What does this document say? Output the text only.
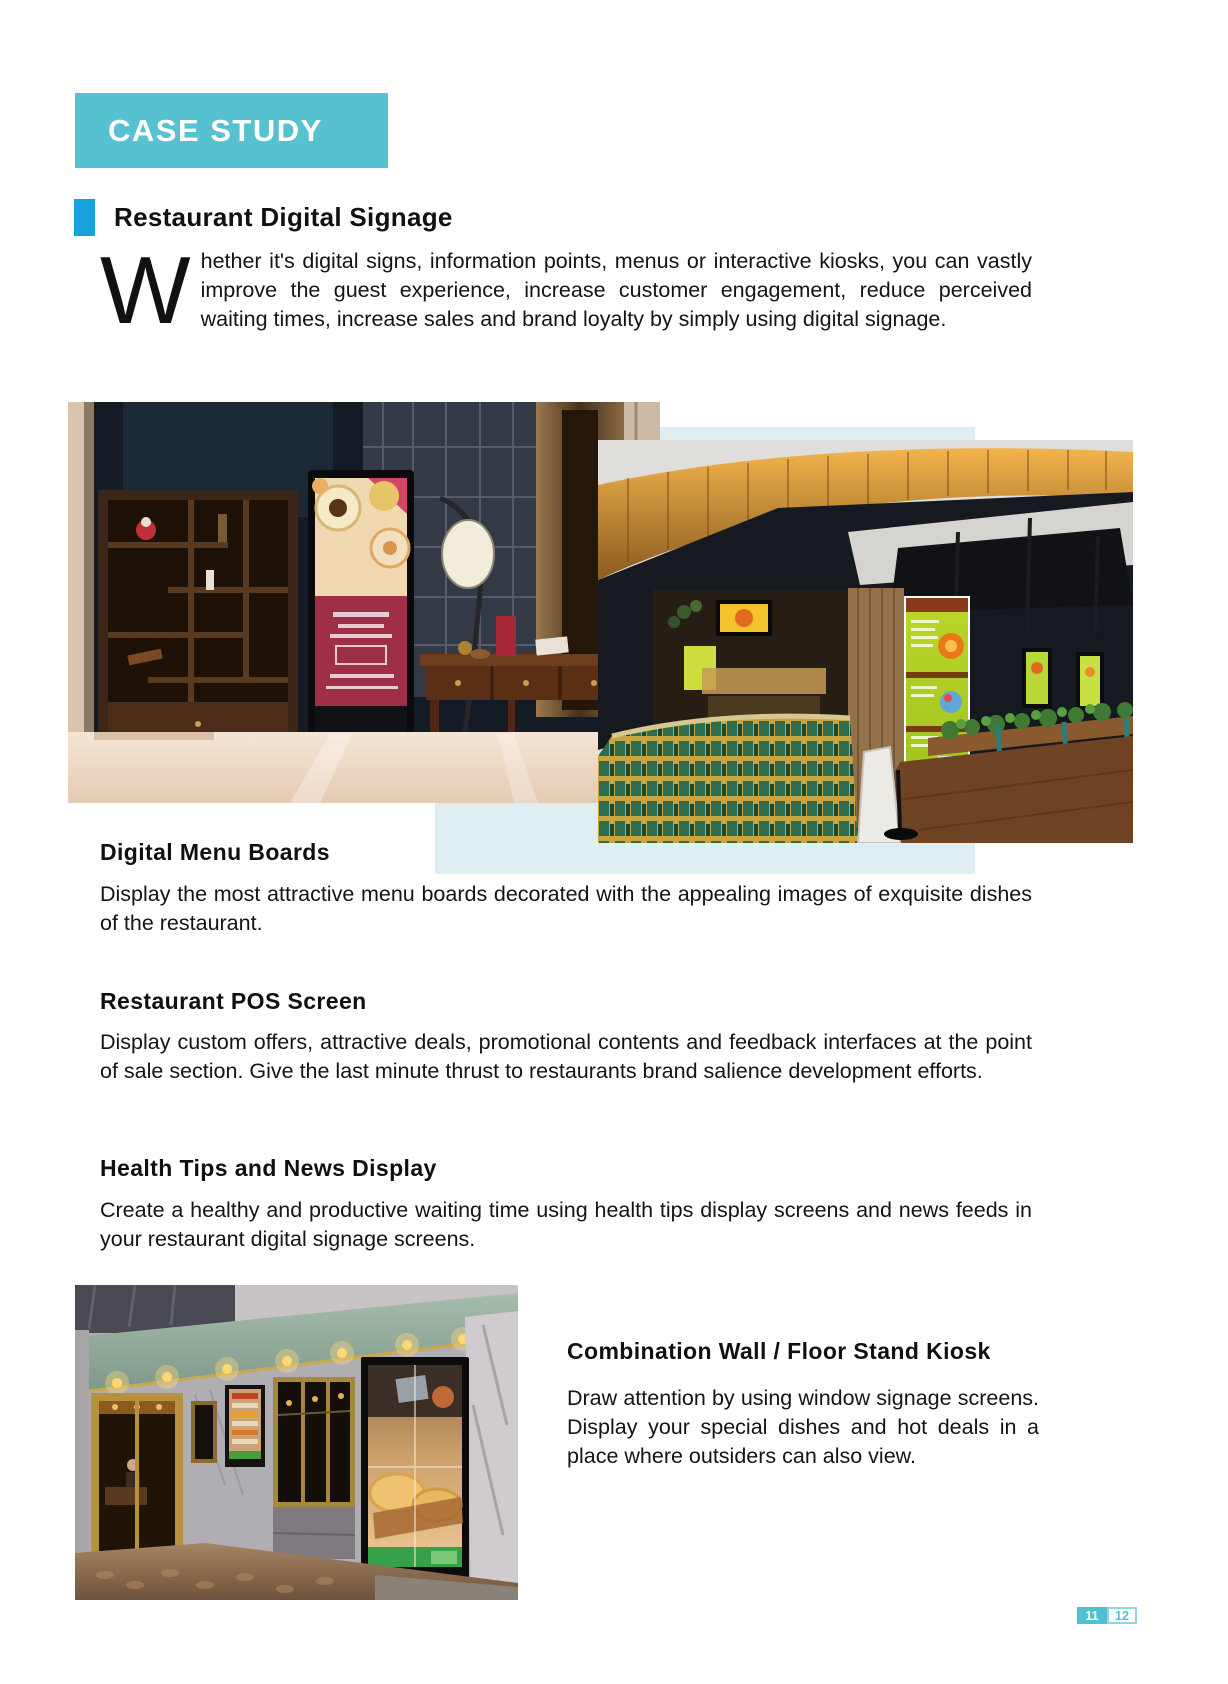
CASE STUDY
Restaurant Digital Signage
Whether it's digital signs, information points, menus or interactive kiosks, you can vastly improve the guest experience, increase customer engagement, reduce perceived waiting times, increase sales and brand loyalty by simply using digital signage.
Digital Menu Boards
Display the most attractive menu boards decorated with the appealing images of exquisite dishes of the restaurant.
Restaurant POS Screen
Display custom offers, attractive deals, promotional contents and feedback interfaces at the point of sale section. Give the last minute thrust to restaurants brand salience development efforts.
Health Tips and News Display
Create a healthy and productive waiting time using health tips display screens and news feeds in your restaurant digital signage screens.
Combination Wall / Floor Stand Kiosk
Draw attention by using window signage screens. Display your special dishes and hot deals in a place where outsiders can also view.
11	12
